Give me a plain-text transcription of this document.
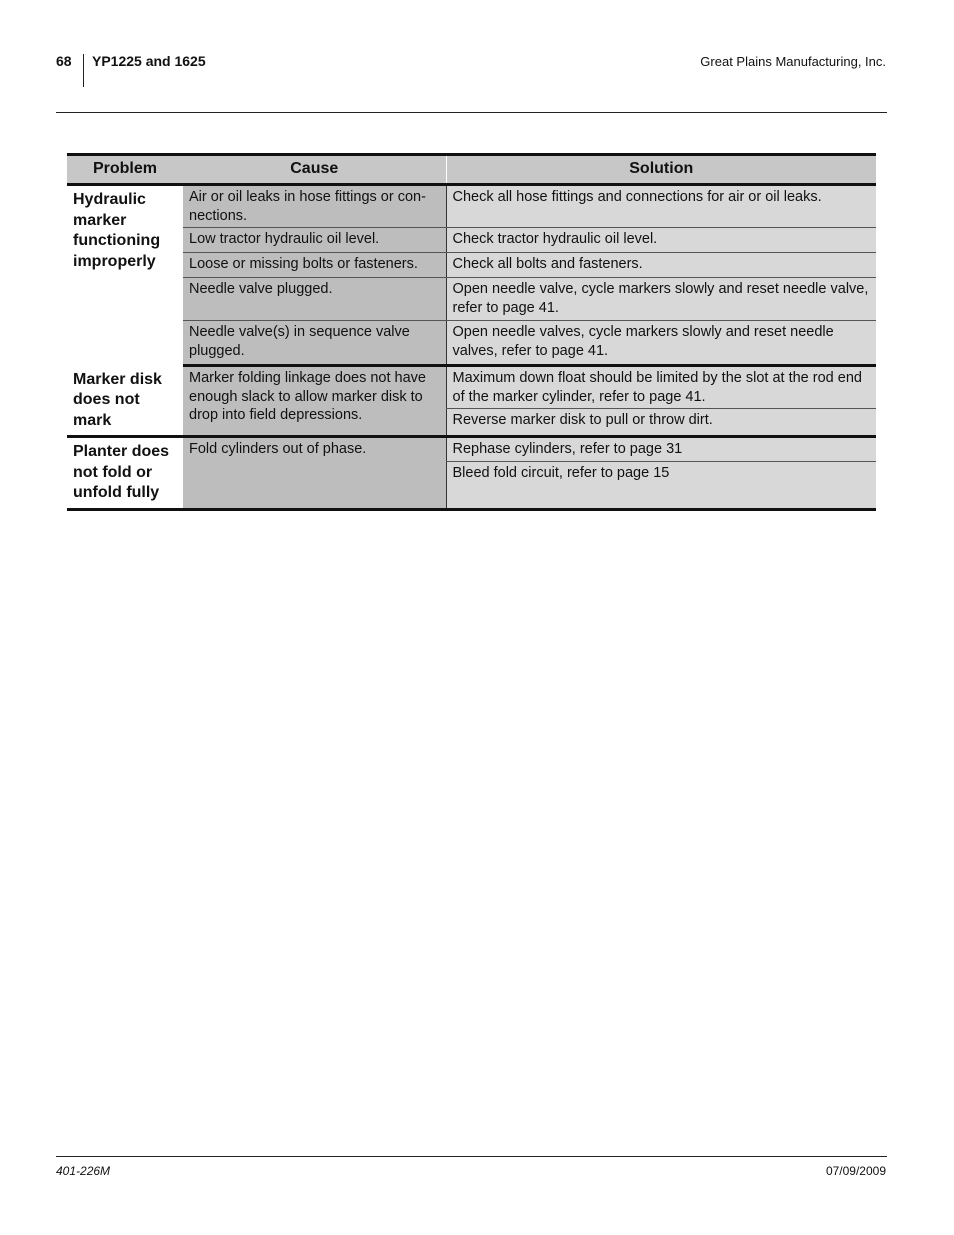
68 YP1225 and 1625	Great Plains Manufacturing, Inc.
Problem	Cause	Solution
Hydraulic marker functioning improperly	Air or oil leaks in hose fittings or con-nections.	Check all hose fittings and connections for air or oil leaks.
	Low tractor hydraulic oil level.	Check tractor hydraulic oil level.
	Loose or missing bolts or fasteners.	Check all bolts and fasteners.
	Needle valve plugged.	Open needle valve, cycle markers slowly and reset needle valve, refer to page 41.
	Needle valve(s) in sequence valve plugged.	Open needle valves, cycle markers slowly and reset needle valves, refer to page 41.
Marker disk does not mark	Marker folding linkage does not have enough slack to allow marker disk to drop into field depressions.	Maximum down float should be limited by the slot at the rod end of the marker cylinder, refer to page 41.
		Reverse marker disk to pull or throw dirt.
Planter does not fold or unfold fully	Fold cylinders out of phase.	Rephase cylinders, refer to page 31
		Bleed fold circuit, refer to page 15
401-226M	07/09/2009
